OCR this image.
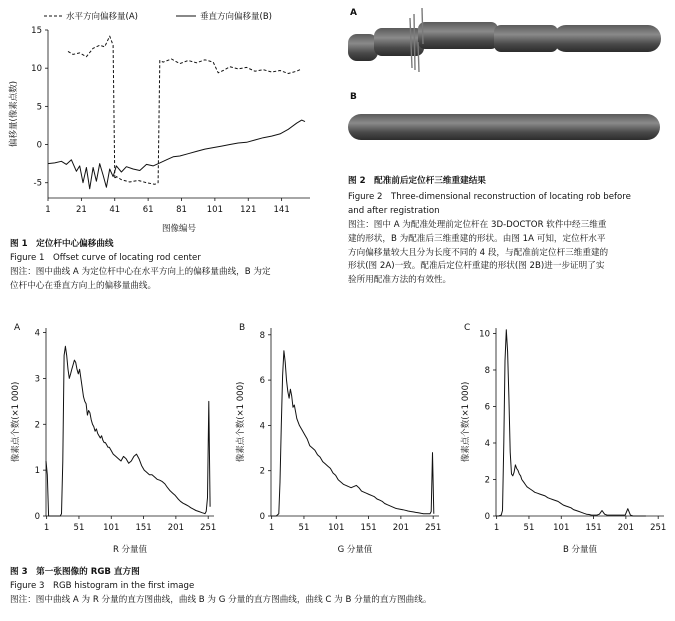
-5
0
5
10
15
1	21	41	61	81 101 121 141
图像编号
偏移量(像素点数)
水平方向偏移量(A)	垂直方向偏移量(B)
图 1　定位杆中心偏移曲线
Figure 1　Offset curve of locating rod center
图注：图中曲线 A 为定位杆中心在水平方向上的偏移量曲线，B 为定
位杆中心在垂直方向上的偏移量曲线。
A
B
图 2　配准前后定位杆三维重建结果
Figure 2　Three-dimensional reconstruction of locating rob before
and after registration
图注：图中 A 为配准处理前定位杆在 3D-DOCTOR 软件中经三维重
建的形状，B 为配准后三维重建的形状。由图 1A 可知，定位杆水平
方向偏移量较大且分为长度不同的 4 段，与配准前定位杆三维重建的
形状(图 2A)一致。配准后定位杆重建的形状(图 2B)进一步证明了实
验所用配准方法的有效性。
0
1
2
3
4
1	51 101 151 201 251
R 分量值
像素点个数(×1 000)
A
0
2
4
6
8
1	51 101 151 201 251
G 分量值
像素点个数(×1 000)
B
0
2
4
6
8
10
1	51 101 151 201 251
B 分量值
像素点个数(×1 000)
C
图 3　第一张图像的 RGB 直方图
Figure 3　RGB histogram in the first image
图注：图中曲线 A 为 R 分量的直方图曲线，曲线 B 为 G 分量的直方图曲线，曲线 C 为 B 分量的直方图曲线。
